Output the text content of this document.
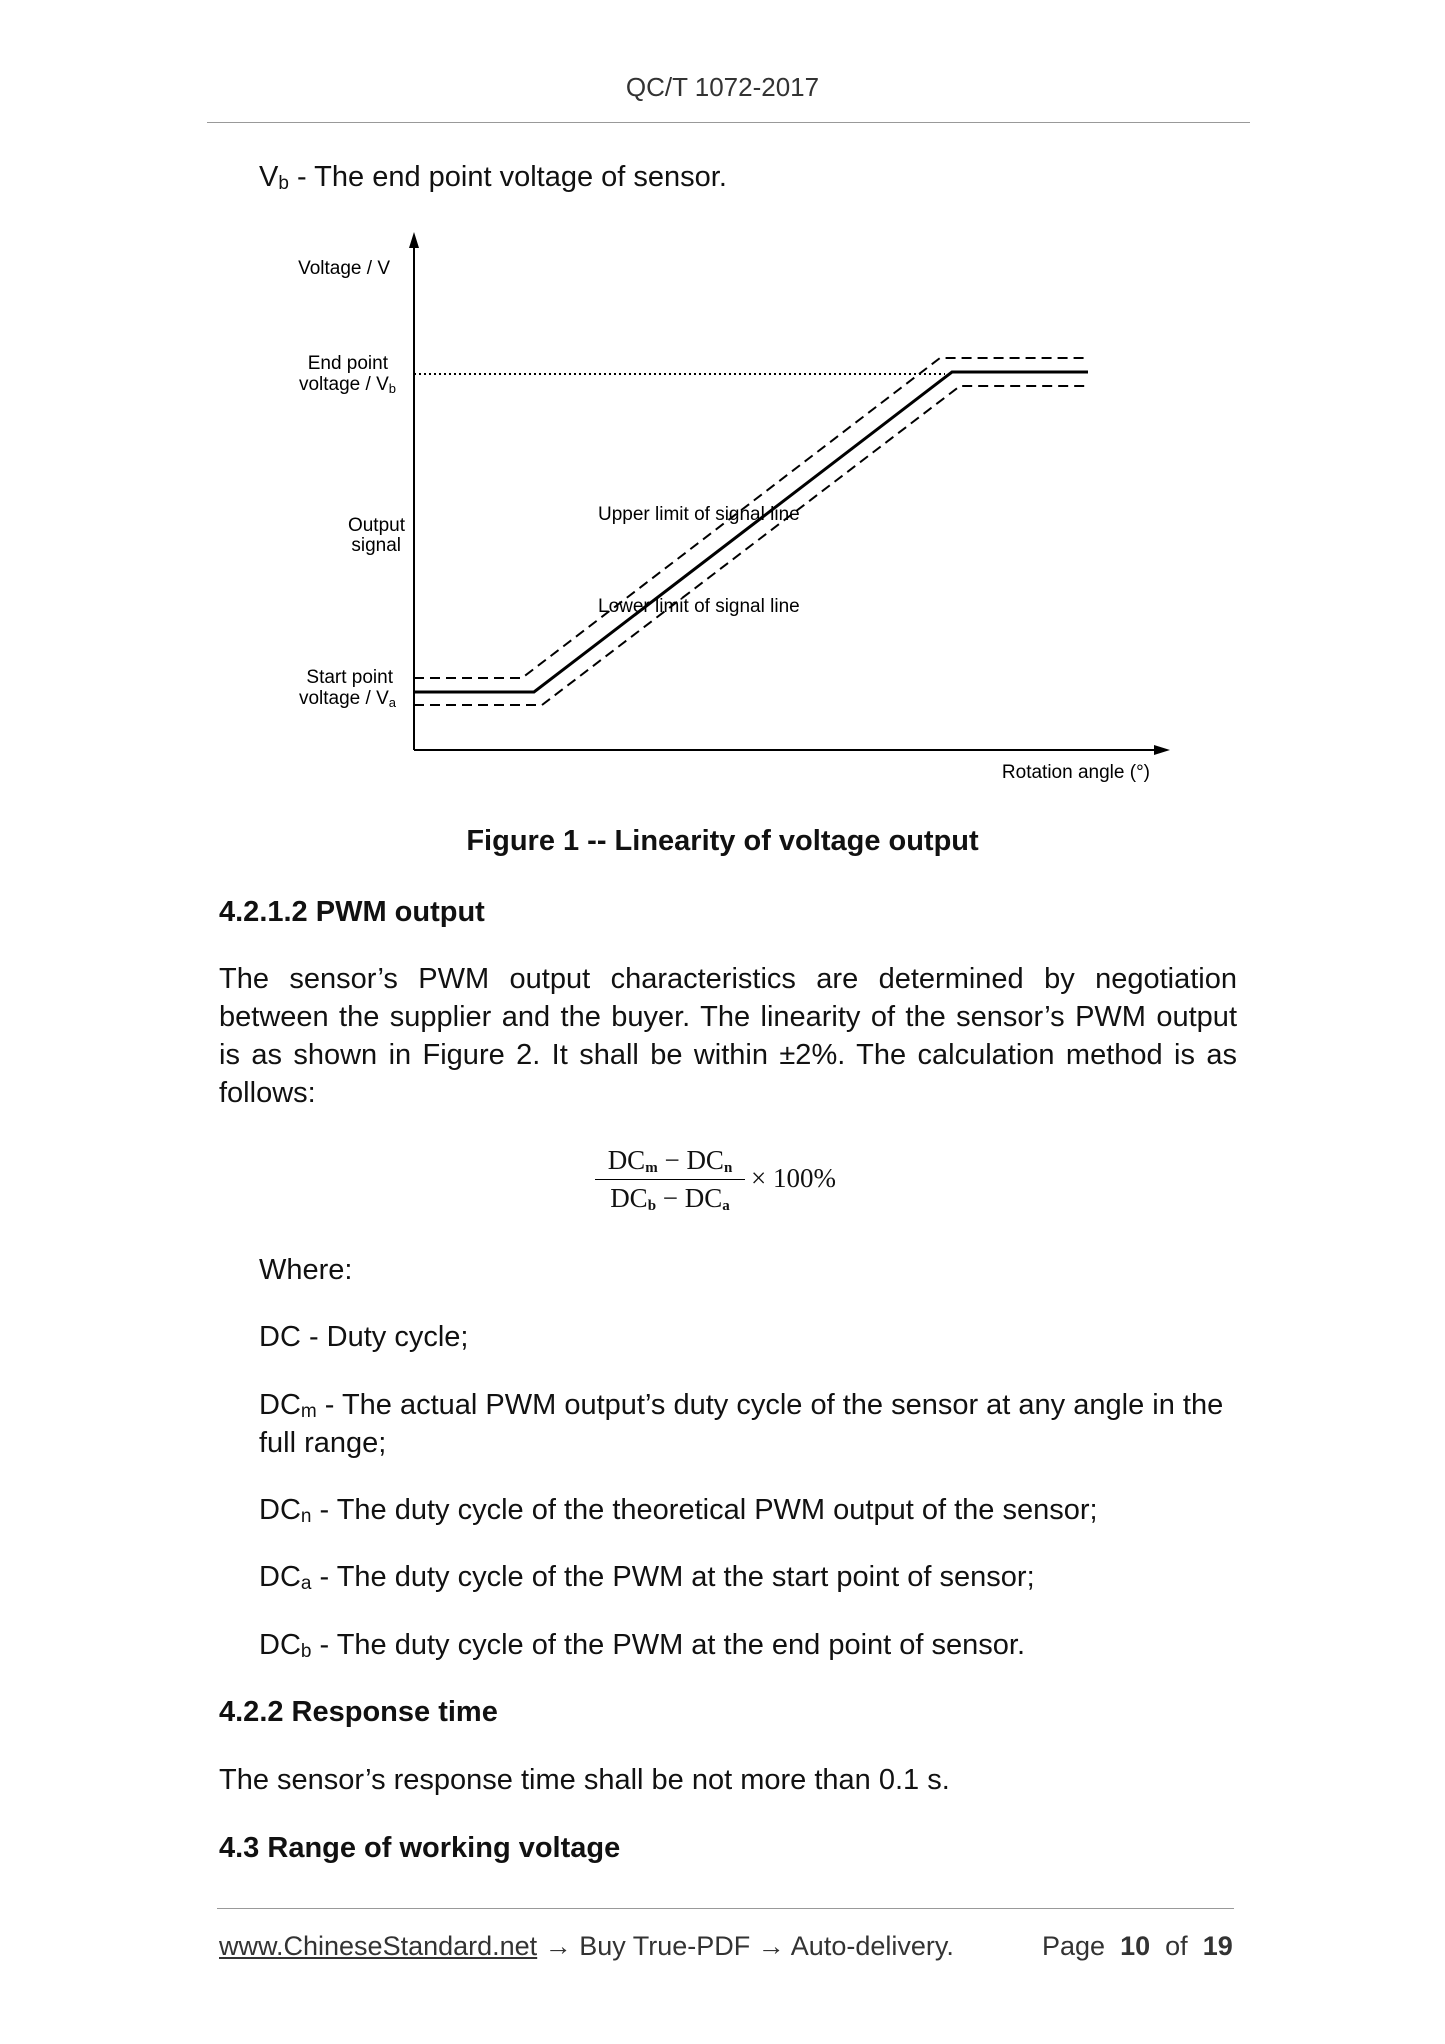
QC/T 1072-2017
$V_b$ - The end point voltage of sensor.
Voltage / V
End point
voltage / Vb
Output
signal
Start point
voltage / Va
Upper limit of signal line
Lower limit of signal line
Rotation angle (°)
Figure 1 -- Linearity of voltage output
4.2.1.2 PWM output
The sensor’s PWM output characteristics are determined by negotiation between the supplier and the buyer. The linearity of the sensor’s PWM output is as shown in Figure 2. It shall be within ±2%. The calculation method is as follows:
$DC_m - DC_n$
$DC_b - DC_a$
× 100%
Where:
DC - Duty cycle;
$DC_m$ - The actual PWM output’s duty cycle of the sensor at any angle in the full range;
$DC_n$ - The duty cycle of the theoretical PWM output of the sensor;
$DC_a$ - The duty cycle of the PWM at the start point of sensor;
$DC_b$ - The duty cycle of the PWM at the end point of sensor.
4.2.2 Response time
The sensor’s response time shall be not more than 0.1 s.
4.3 Range of working voltage
www.ChineseStandard.net → Buy True-PDF → Auto-delivery.	Page 10 of 19
